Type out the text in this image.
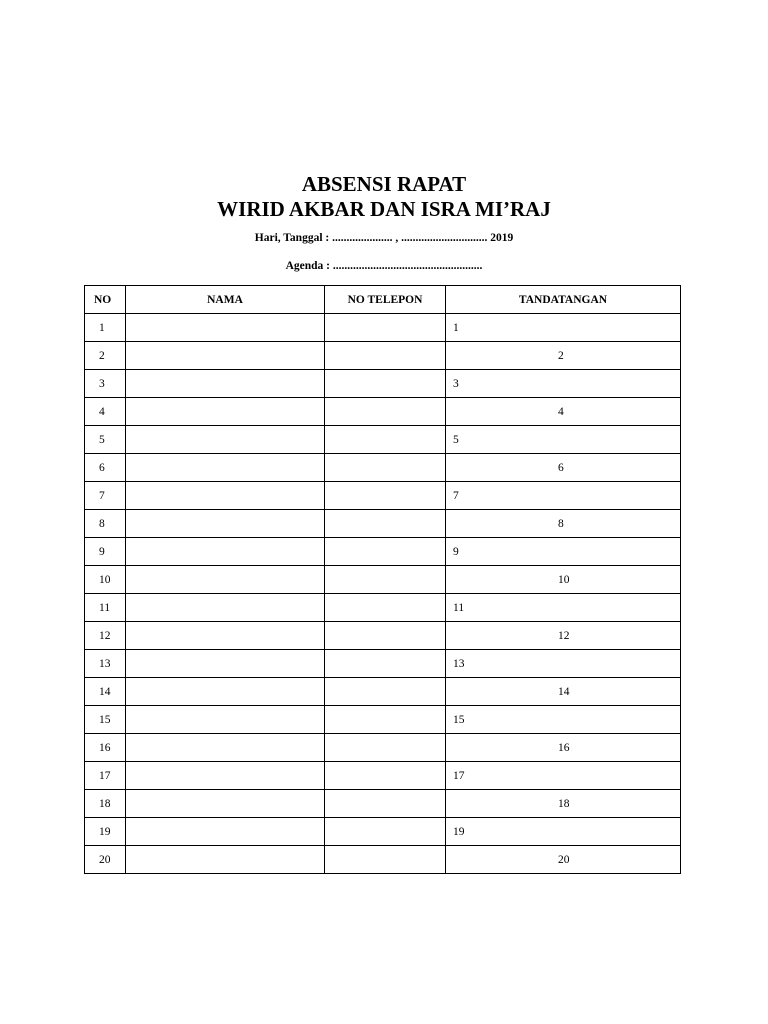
ABSENSI RAPAT
WIRID AKBAR DAN ISRA MI’RAJ
Hari, Tanggal : ..................... , .............................. 2019
Agenda : ....................................................
NO	NAMA	NO TELEPON	TANDATANGAN
1			1

2			2

3			3

4			4

5			5

6			6

7			7

8			8

9			9

10			10

11			11

12			12

13			13

14			14

15			15

16			16

17			17

18			18

19			19

20			20
